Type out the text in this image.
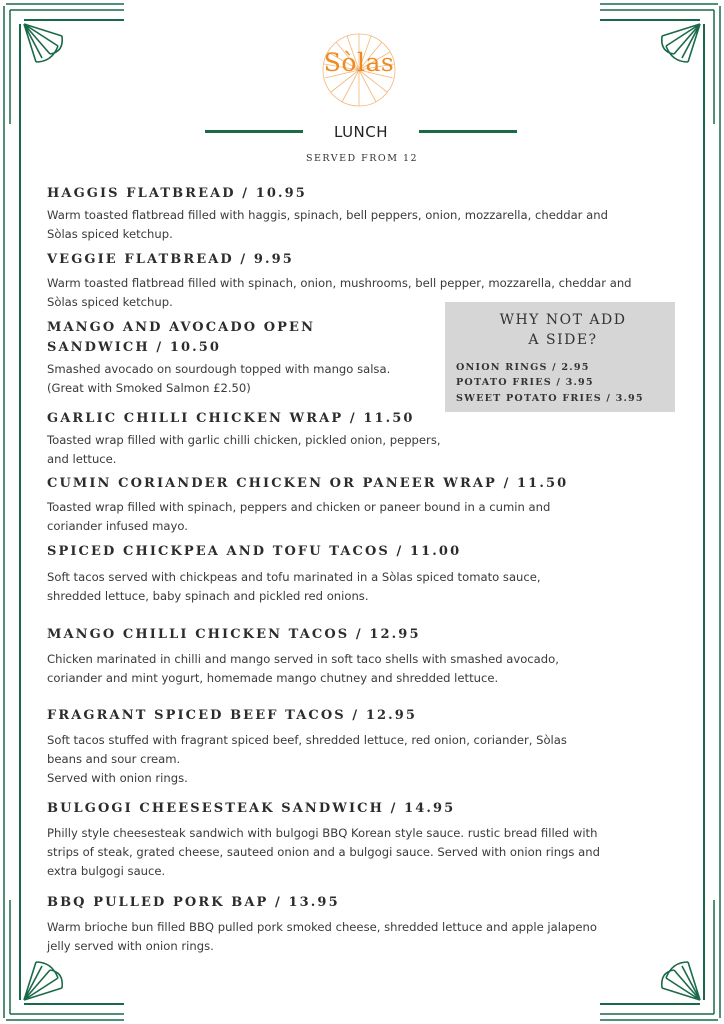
Sòlas
LUNCH
SERVED FROM 12
HAGGIS FLATBREAD / 10.95
Warm toasted flatbread filled with haggis, spinach, bell peppers, onion, mozzarella, cheddar and
Sòlas spiced ketchup.
VEGGIE FLATBREAD / 9.95
Warm toasted flatbread filled with spinach, onion, mushrooms, bell pepper, mozzarella, cheddar and
Sòlas spiced ketchup.
MANGO AND AVOCADO OPEN
SANDWICH / 10.50
Smashed avocado on sourdough topped with mango salsa.
(Great with Smoked Salmon £2.50)
GARLIC CHILLI CHICKEN WRAP / 11.50
Toasted wrap filled with garlic chilli chicken, pickled onion, peppers,
and lettuce.
CUMIN CORIANDER CHICKEN OR PANEER WRAP / 11.50
Toasted wrap filled with spinach, peppers and chicken or paneer bound in a cumin and
coriander infused mayo.
SPICED CHICKPEA AND TOFU TACOS / 11.00
Soft tacos served with chickpeas and tofu marinated in a Sòlas spiced tomato sauce,
shredded lettuce, baby spinach and pickled red onions.
MANGO CHILLI CHICKEN TACOS / 12.95
Chicken marinated in chilli and mango served in soft taco shells with smashed avocado,
coriander and mint yogurt, homemade mango chutney and shredded lettuce.
FRAGRANT SPICED BEEF TACOS / 12.95
Soft tacos stuffed with fragrant spiced beef, shredded lettuce, red onion, coriander, Sòlas
beans and sour cream.
Served with onion rings.
BULGOGI CHEESESTEAK SANDWICH / 14.95
Philly style cheesesteak sandwich with bulgogi BBQ Korean style sauce. rustic bread filled with
strips of steak, grated cheese, sauteed onion and a bulgogi sauce. Served with onion rings and
extra bulgogi sauce.
BBQ PULLED PORK BAP / 13.95
Warm brioche bun filled BBQ pulled pork smoked cheese, shredded lettuce and apple jalapeno
jelly served with onion rings.
WHY NOT ADD
A SIDE?
ONION RINGS / 2.95
POTATO FRIES / 3.95
SWEET POTATO FRIES / 3.95
